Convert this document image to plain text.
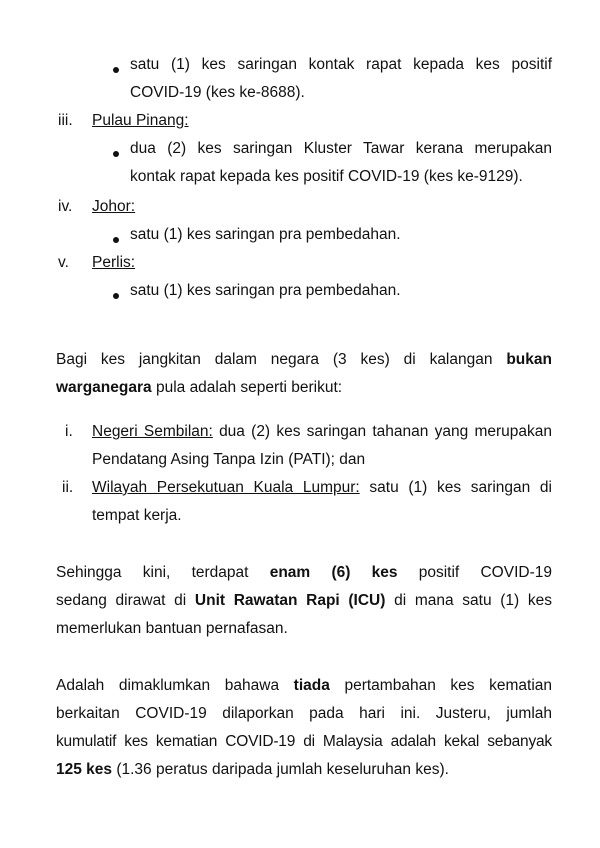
satu (1) kes saringan kontak rapat kepada kes positif
COVID-19 (kes ke-8688).
iii. Pulau Pinang:
dua (2) kes saringan Kluster Tawar kerana merupakan
kontak rapat kepada kes positif COVID-19 (kes ke-9129).
iv. Johor:
satu (1) kes saringan pra pembedahan.
v. Perlis:
satu (1) kes saringan pra pembedahan.
Bagi kes jangkitan dalam negara (3 kes) di kalangan bukan
warganegara pula adalah seperti berikut:
i. Negeri Sembilan: dua (2) kes saringan tahanan yang merupakan
Pendatang Asing Tanpa Izin (PATI); dan
ii. Wilayah Persekutuan Kuala Lumpur: satu (1) kes saringan di
tempat kerja.
Sehingga kini, terdapat enam (6) kes positif COVID-19
sedang dirawat di Unit Rawatan Rapi (ICU) di mana satu (1) kes
memerlukan bantuan pernafasan.
Adalah dimaklumkan bahawa tiada pertambahan kes kematian
berkaitan COVID-19 dilaporkan pada hari ini. Justeru, jumlah
kumulatif kes kematian COVID-19 di Malaysia adalah kekal sebanyak
125 kes (1.36 peratus daripada jumlah keseluruhan kes).
